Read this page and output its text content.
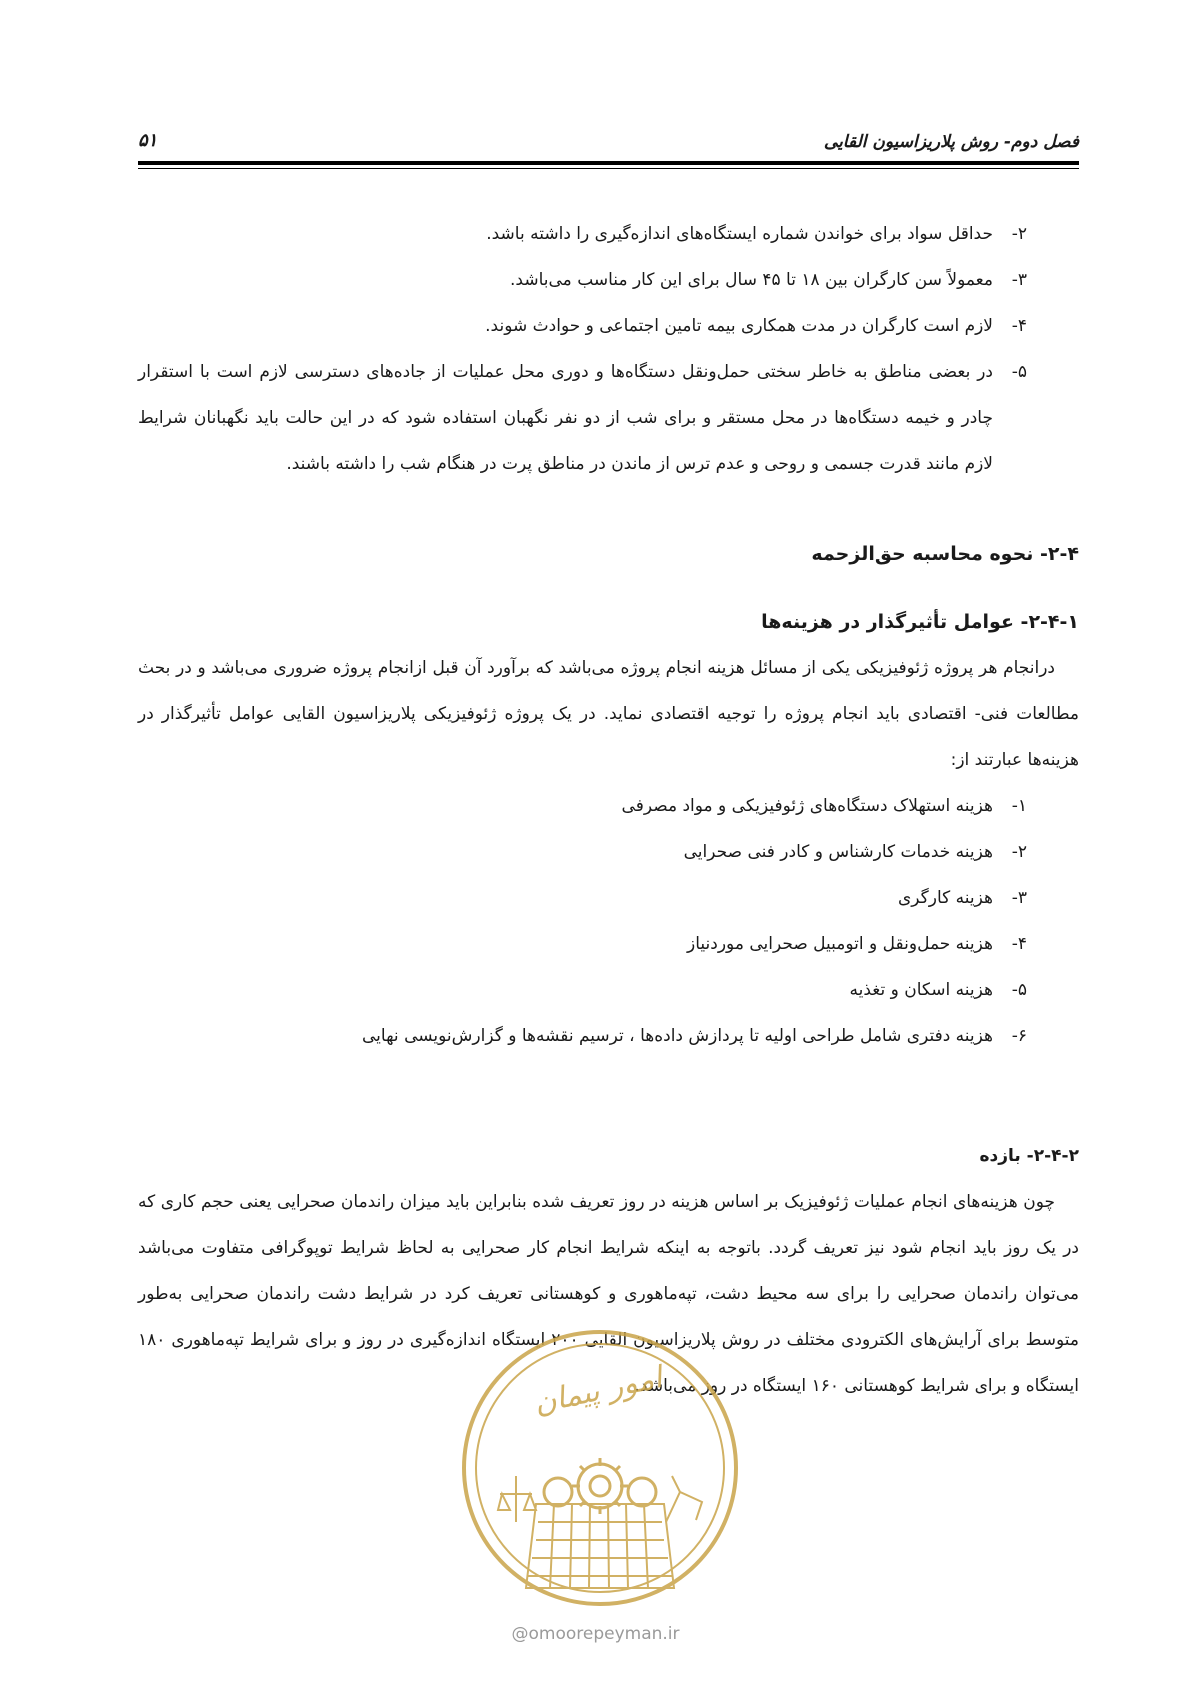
فصل دوم- روش پلاریزاسیون القایی
۵۱
۲-
حداقل سواد برای خواندن شماره ایستگاه‌های اندازه‌گیری را داشته باشد.
۳-
معمولاً سن کارگران بین ۱۸ تا ۴۵ سال برای این کار مناسب می‌باشد.
۴-
لازم است کارگران در مدت همکاری بیمه تامین اجتماعی و حوادث شوند.
۵-
در بعضی مناطق به خاطر سختی حمل‌ونقل دستگاه‌ها و دوری محل عملیات از جاده‌های دسترسی لازم است با استقرار چادر و خیمه دستگاه‌ها در محل مستقر و برای شب از دو نفر نگهبان استفاده شود که در این حالت باید نگهبانان شرایط لازم مانند قدرت جسمی و روحی و عدم ترس از ماندن در مناطق پرت در هنگام شب را داشته باشند.
۲-۴- نحوه محاسبه حق‌الزحمه
۲-۴-۱- عوامل تأثیرگذار در هزینه‌ها

درانجام هر پروژه ژئوفیزیکی یکی از مسائل هزینه انجام پروژه می‌باشد که برآورد آن قبل ازانجام پروژه ضروری می‌باشد و در بحث مطالعات فنی- اقتصادی باید انجام پروژه را توجیه اقتصادی نماید. در یک پروژه ژئوفیزیکی پلاریزاسیون القایی عوامل تأثیرگذار در هزینه‌ها عبارتند از:

۱-
هزینه استهلاک دستگاه‌های ژئوفیزیکی و مواد مصرفی
۲-
هزینه خدمات کارشناس و کادر فنی صحرایی
۳-
هزینه کارگری
۴-
هزینه حمل‌ونقل و اتومبیل صحرایی موردنیاز
۵-
هزینه اسکان و تغذیه
۶-
هزینه دفتری شامل طراحی اولیه تا پردازش داده‌ها ، ترسیم نقشه‌ها و گزارش‌نویسی نهایی
۲-۴-۲- بازده

چون هزینه‌های انجام عملیات ژئوفیزیک بر اساس هزینه در روز تعریف شده بنابراین باید میزان راندمان صحرایی یعنی حجم کاری که در یک روز باید انجام شود نیز تعریف گردد. باتوجه به اینکه شرایط انجام کار صحرایی به لحاظ شرایط توپوگرافی متفاوت می‌باشد می‌توان راندمان صحرایی را برای سه محیط دشت، تپه‌ماهوری و کوهستانی تعریف کرد در شرایط دشت راندمان صحرایی به‌طور متوسط برای آرایش‌های الکترودی مختلف در روش پلاریزاسیون القایی ۲۰۰ ایستگاه اندازه‌گیری در روز و برای شرایط تپه‌ماهوری ۱۸۰ ایستگاه و برای شرایط کوهستانی ۱۶۰ ایستگاه در روز می‌باشد.

امور پیمان
@omoorepeyman.ir
